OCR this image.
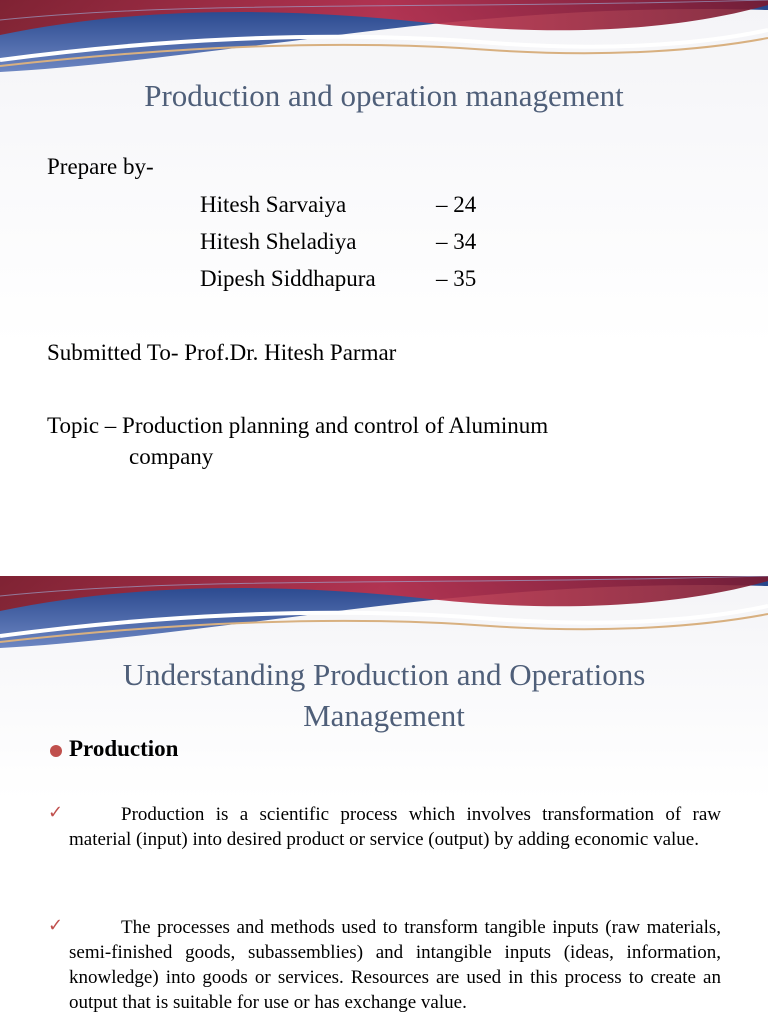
Production and operation management
Prepare by-
Hitesh Sarvaiya	– 24
Hitesh Sheladiya	– 34
Dipesh Siddhapura	– 35
Submitted To- Prof.Dr. Hitesh Parmar
Topic – Production planning and control of Aluminum
company
Understanding Production and Operations
Management
Production
✓	Production is a scientific process which involves transformation of raw material (input) into desired product or service (output) by adding economic value.
✓	The processes and methods used to transform tangible inputs (raw materials, semi-finished goods, subassemblies) and intangible inputs (ideas, information, knowledge) into goods or services. Resources are used in this process to create an output that is suitable for use or has exchange value.
